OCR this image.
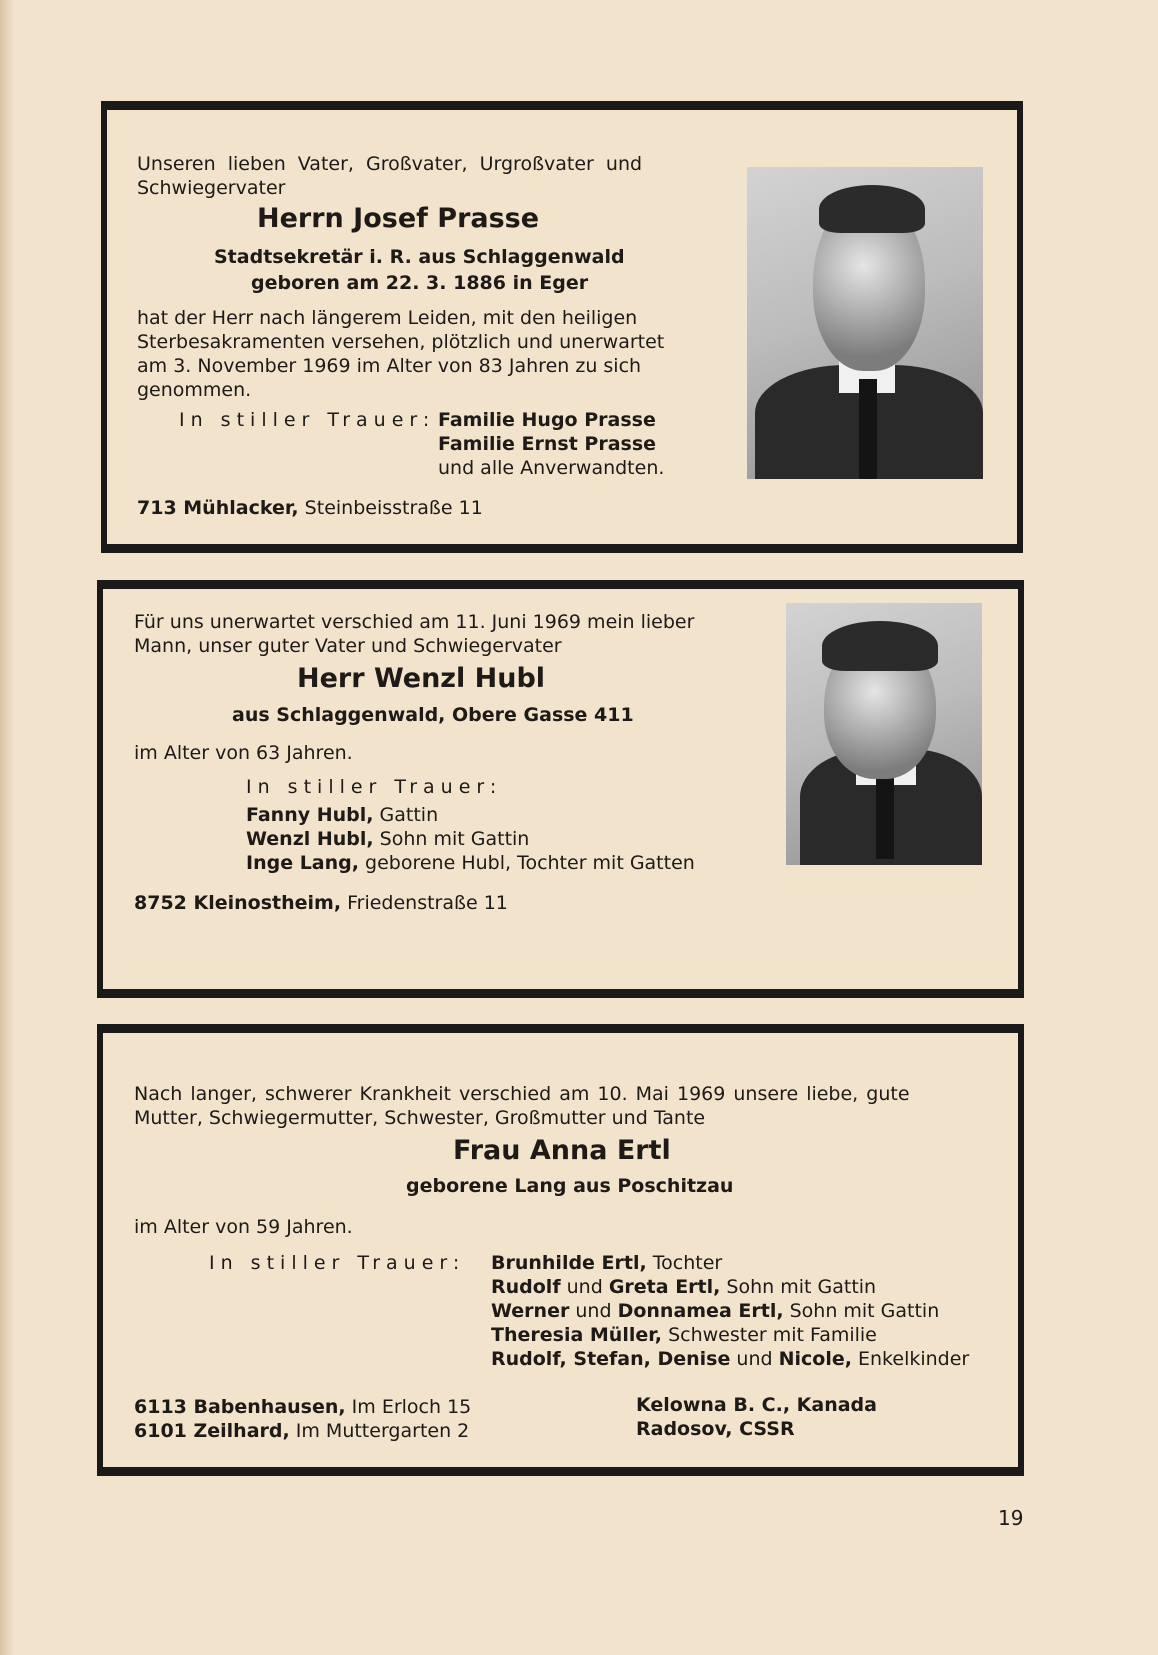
Unseren lieben Vater, Großvater, Urgroßvater und
Schwiegervater
Herrn Josef Prasse
Stadtsekretär i. R. aus Schlaggenwald
geboren am 22. 3. 1886 in Eger
hat der Herr nach längerem Leiden, mit den heiligen
Sterbesakramenten versehen, plötzlich und unerwartet
am 3. November 1969 im Alter von 83 Jahren zu sich
genommen.
In stiller Trauer: Familie Hugo Prasse
Familie Ernst Prasse
und alle Anverwandten.
713 Mühlacker, Steinbeisstraße 11
Für uns unerwartet verschied am 11. Juni 1969 mein lieber
Mann, unser guter Vater und Schwiegervater
Herr Wenzl Hubl
aus Schlaggenwald, Obere Gasse 411
im Alter von 63 Jahren.
In stiller Trauer:
Fanny Hubl, Gattin
Wenzl Hubl, Sohn mit Gattin
Inge Lang, geborene Hubl, Tochter mit Gatten
8752 Kleinostheim, Friedenstraße 11
Nach langer, schwerer Krankheit verschied am 10. Mai 1969 unsere liebe, gute
Mutter, Schwiegermutter, Schwester, Großmutter und Tante
Frau Anna Ertl
geborene Lang aus Poschitzau
im Alter von 59 Jahren.
In stiller Trauer: Brunhilde Ertl, Tochter
Rudolf und Greta Ertl, Sohn mit Gattin
Werner und Donnamea Ertl, Sohn mit Gattin
Theresia Müller, Schwester mit Familie
Rudolf, Stefan, Denise und Nicole, Enkelkinder
6113 Babenhausen, Im Erloch 15
6101 Zeilhard, Im Muttergarten 2
Kelowna B. C., Kanada
Radosov, CSSR
19
